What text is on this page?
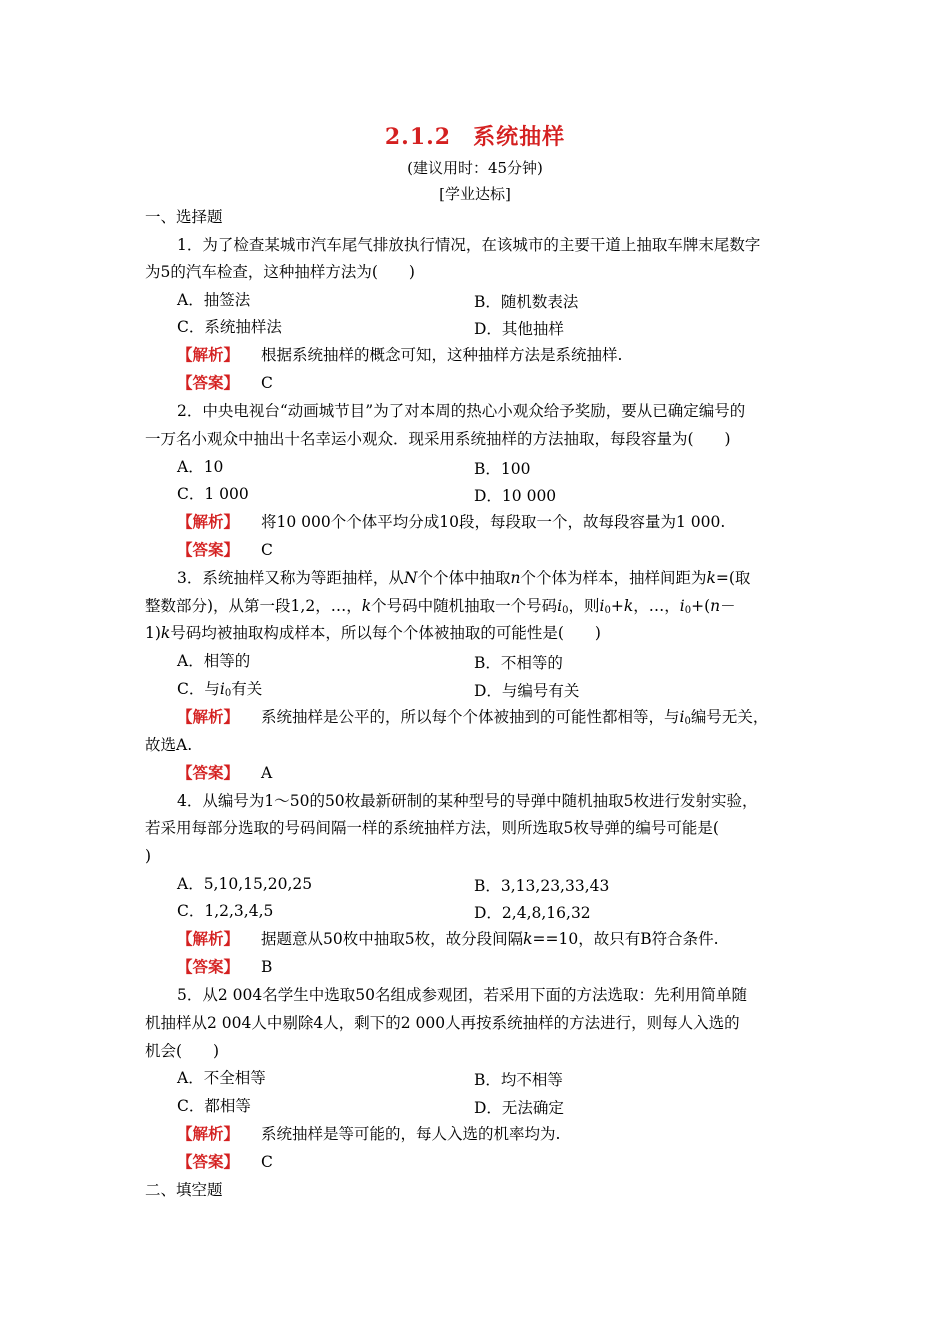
2.1.2 系统抽样
(建议用时：45分钟)
[学业达标]
一、选择题
1．为了检查某城市汽车尾气排放执行情况，在该城市的主要干道上抽取车牌末尾数字
为5的汽车检查，这种抽样方法为(　　)
A．抽签法	B．随机数表法
C．系统抽样法	D．其他抽样
【解析】 根据系统抽样的概念可知，这种抽样方法是系统抽样.
【答案】 C
2．中央电视台“动画城节目”为了对本周的热心小观众给予奖励，要从已确定编号的
一万名小观众中抽出十名幸运小观众．现采用系统抽样的方法抽取，每段容量为(　　)
A．10	B．100
C．1 000	D．10 000
【解析】 将10 000个个体平均分成10段，每段取一个，故每段容量为1 000.
【答案】 C
3．系统抽样又称为等距抽样，从N个个体中抽取n个个体为样本，抽样间距为k=(取
整数部分)，从第一段1,2，…，k个号码中随机抽取一个号码$i_0$，则$i_0+k$，…，$i_0+(n-$
1)k号码均被抽取构成样本，所以每个个体被抽取的可能性是(　　)
A．相等的	B．不相等的
C．与$i_0$有关	D．与编号有关
【解析】 系统抽样是公平的，所以每个个体被抽到的可能性都相等，与$i_0$编号无关，
故选A.
【答案】 A
4．从编号为1～50的50枚最新研制的某种型号的导弹中随机抽取5枚进行发射实验，
若采用每部分选取的号码间隔一样的系统抽样方法，则所选取5枚导弹的编号可能是(
)
A．5,10,15,20,25	B．3,13,23,33,43
C．1,2,3,4,5	D．2,4,8,16,32
【解析】 据题意从50枚中抽取5枚，故分段间隔k==10，故只有B符合条件.
【答案】 B
5．从2 004名学生中选取50名组成参观团，若采用下面的方法选取：先利用简单随
机抽样从2 004人中剔除4人，剩下的2 000人再按系统抽样的方法进行，则每人入选的
机会(　　)
A．不全相等	B．均不相等
C．都相等	D．无法确定
【解析】 系统抽样是等可能的，每人入选的机率均为.
【答案】 C
二、填空题
